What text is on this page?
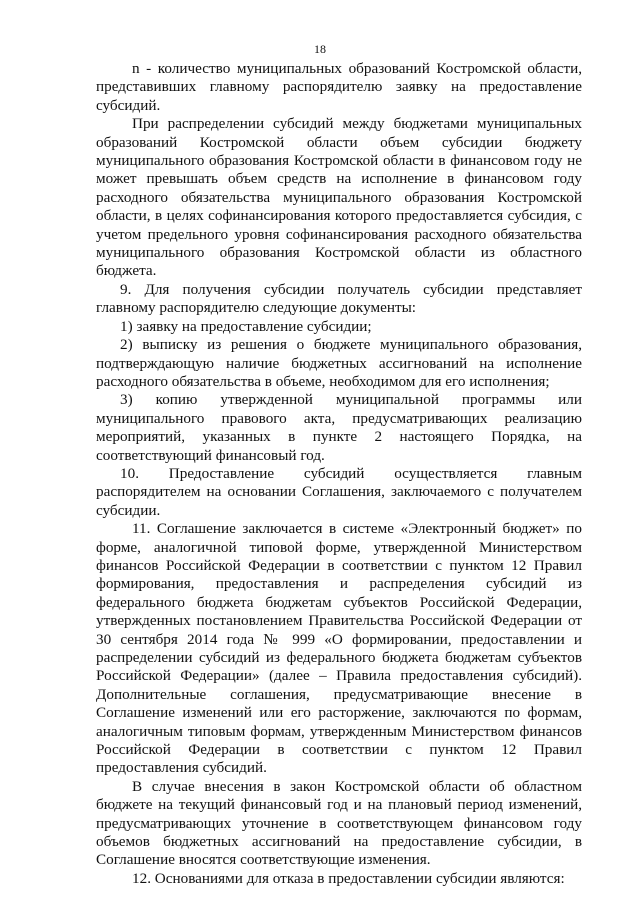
18

n - количество муниципальных образований Костромской области, представивших главному распорядителю заявку на предоставление субсидий.

При распределении субсидий между бюджетами муниципальных образований Костромской области объем субсидии бюджету муниципального образования Костромской области в финансовом году не может превышать объем средств на исполнение в финансовом году расходного обязательства муниципального образования Костромской области, в целях софинансирования которого предоставляется субсидия, с учетом предельного уровня софинансирования расходного обязательства муниципального образования Костромской области из областного бюджета.

9. Для получения субсидии получатель субсидии представляет главному распорядителю следующие документы:

1) заявку на предоставление субсидии;

2) выписку из решения о бюджете муниципального образования, подтверждающую наличие бюджетных ассигнований на исполнение расходного обязательства в объеме, необходимом для его исполнения;

3) копию утвержденной муниципальной программы или муниципального правового акта, предусматривающих реализацию мероприятий, указанных в пункте 2 настоящего Порядка, на соответствующий финансовый год.

10. Предоставление субсидий осуществляется главным распорядителем на основании Соглашения, заключаемого с получателем субсидии.

11. Соглашение заключается в системе «Электронный бюджет» по форме, аналогичной типовой форме, утвержденной Министерством финансов Российской Федерации в соответствии с пунктом 12 Правил формирования, предоставления и распределения субсидий из федерального бюджета бюджетам субъектов Российской Федерации, утвержденных постановлением Правительства Российской Федерации от 30 сентября 2014 года № 999 «О формировании, предоставлении и распределении субсидий из федерального бюджета бюджетам субъектов Российской Федерации» (далее – Правила предоставления субсидий). Дополнительные соглашения, предусматривающие внесение в Соглашение изменений или его расторжение, заключаются по формам, аналогичным типовым формам, утвержденным Министерством финансов Российской Федерации в соответствии с пунктом 12 Правил предоставления субсидий.

В случае внесения в закон Костромской области об областном бюджете на текущий финансовый год и на плановый период изменений, предусматривающих уточнение в соответствующем финансовом году объемов бюджетных ассигнований на предоставление субсидии, в Соглашение вносятся соответствующие изменения.

12. Основаниями для отказа в предоставлении субсидии являются:
